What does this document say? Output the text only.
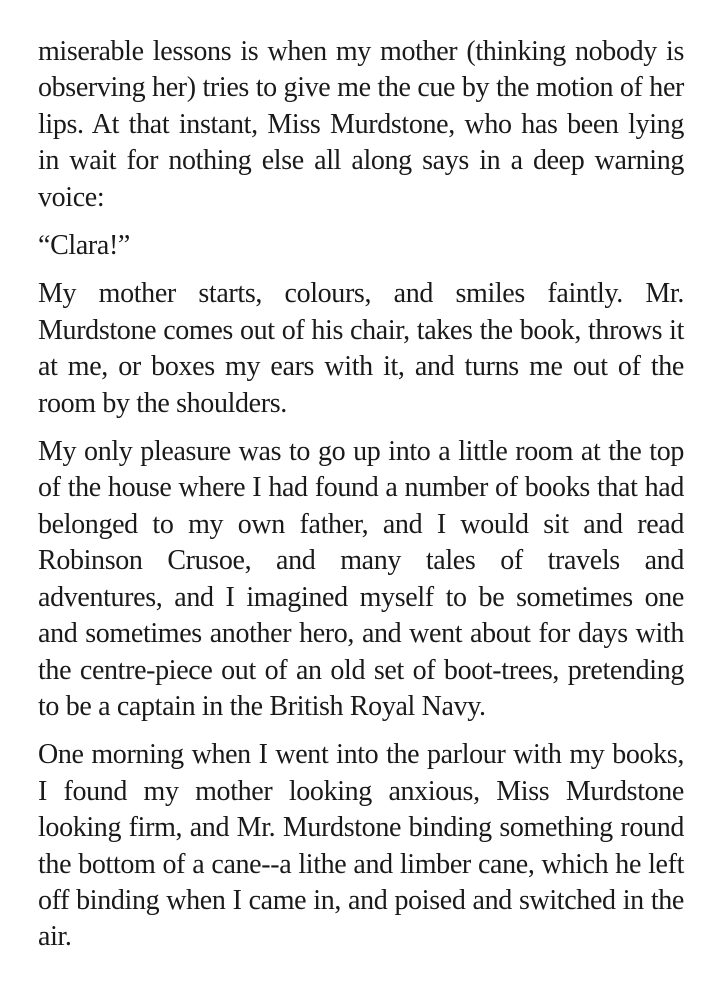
miserable lessons is when my mother (thinking nobody is observing her) tries to give me the cue by the motion of her lips. At that instant, Miss Murdstone, who has been lying in wait for nothing else all along says in a deep warning voice:

“Clara!”

My mother starts, colours, and smiles faintly. Mr. Murdstone comes out of his chair, takes the book, throws it at me, or boxes my ears with it, and turns me out of the room by the shoulders.

My only pleasure was to go up into a little room at the top of the house where I had found a number of books that had belonged to my own father, and I would sit and read Robinson Crusoe, and many tales of travels and adventures, and I imagined myself to be sometimes one and sometimes another hero, and went about for days with the centre-piece out of an old set of boot-trees, pretending to be a captain in the British Royal Navy.

One morning when I went into the parlour with my books, I found my mother looking anxious, Miss Murdstone looking firm, and Mr. Murdstone binding something round the bottom of a cane--a lithe and limber cane, which he left off binding when I came in, and poised and switched in the air.
